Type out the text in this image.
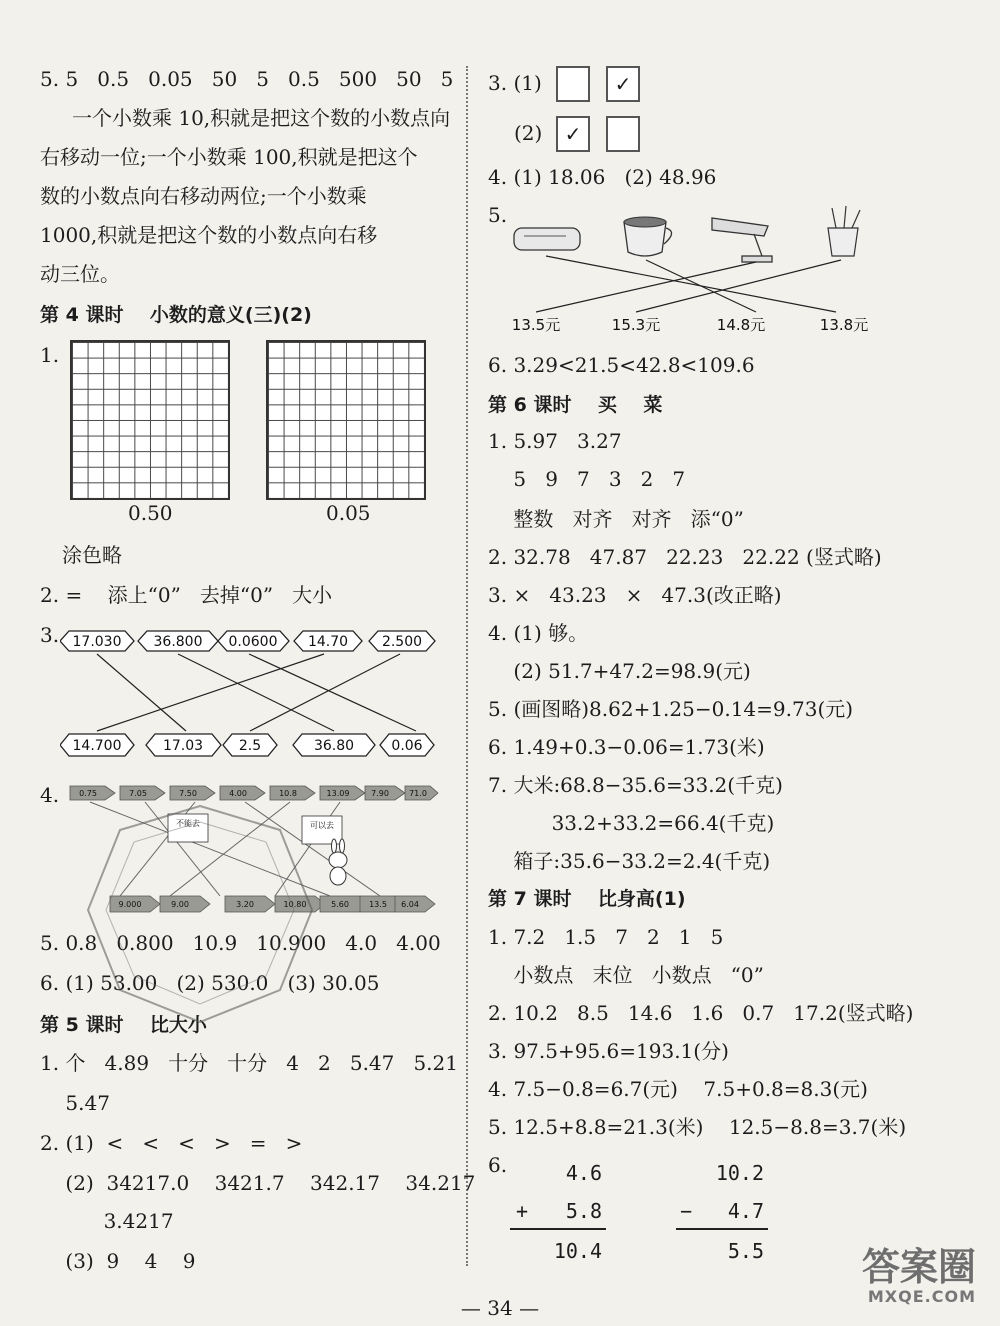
5. 5   0.5   0.05   50   5   0.5   500   50   5
一个小数乘 10,积就是把这个数的小数点向
右移动一位;一个小数乘 100,积就是把这个
数的小数点向右移动两位;一个小数乘
1000,积就是把这个数的小数点向右移
动三位。
第 4 课时    小数的意义(三)(2)
1.
0.50	0.05
涂色略
2. =    添上“0”   去掉“0”   大小
3. 17.030 36.800 0.0600 14.70 2.500
14.700	17.03	2.5	36.80	0.06
4.	0.75	7.05	7.50	4.00	10.8	13.09	7.90	71.0
9.000	9.00	3.20	10.80	5.60	13.5 6.04
不能去	可以去
5. 0.8   0.800   10.9   10.900   4.0   4.00
6. (1) 53.00   (2) 530.0   (3) 30.05
第 5 课时    比大小
1. 个   4.89   十分   十分   4   2   5.47   5.21
5.47
2. (1)  <   <   <   >   =   >
(2)  34217.0    3421.7    342.17    34.217
3.4217
(3)  9    4    9
3. (1)	✓
(2)	✓
4. (1) 18.06   (2) 48.96
5.
13.5元	15.3元	14.8元	13.8元
6. 3.29<21.5<42.8<109.6
第 6 课时    买    菜
1. 5.97   3.27
5   9   7   3   2   7
整数   对齐   对齐   添“0”
2. 32.78   47.87   22.23   22.22 (竖式略)
3. ×   43.23   ×   47.3(改正略)
4. (1) 够。
(2) 51.7+47.2=98.9(元)
5. (画图略)8.62+1.25−0.14=9.73(元)
6. 1.49+0.3−0.06=1.73(米)
7. 大米:68.8−35.6=33.2(千克)
33.2+33.2=66.4(千克)
箱子:35.6−33.2=2.4(千克)
第 7 课时    比身高(1)
1. 7.2   1.5   7   2   1   5
小数点   末位   小数点   “0”
2. 10.2   8.5   14.6   1.6   0.7   17.2(竖式略)
3. 97.5+95.6=193.1(分)
4. 7.5−0.8=6.7(元)    7.5+0.8=8.3(元)
5. 12.5+8.8=21.3(米)    12.5−8.8=3.7(米)
6.	4.6
+	5.8
10.4
10.2
−	4.7
5.5
— 34 —
答案圈
MXQE.COM
